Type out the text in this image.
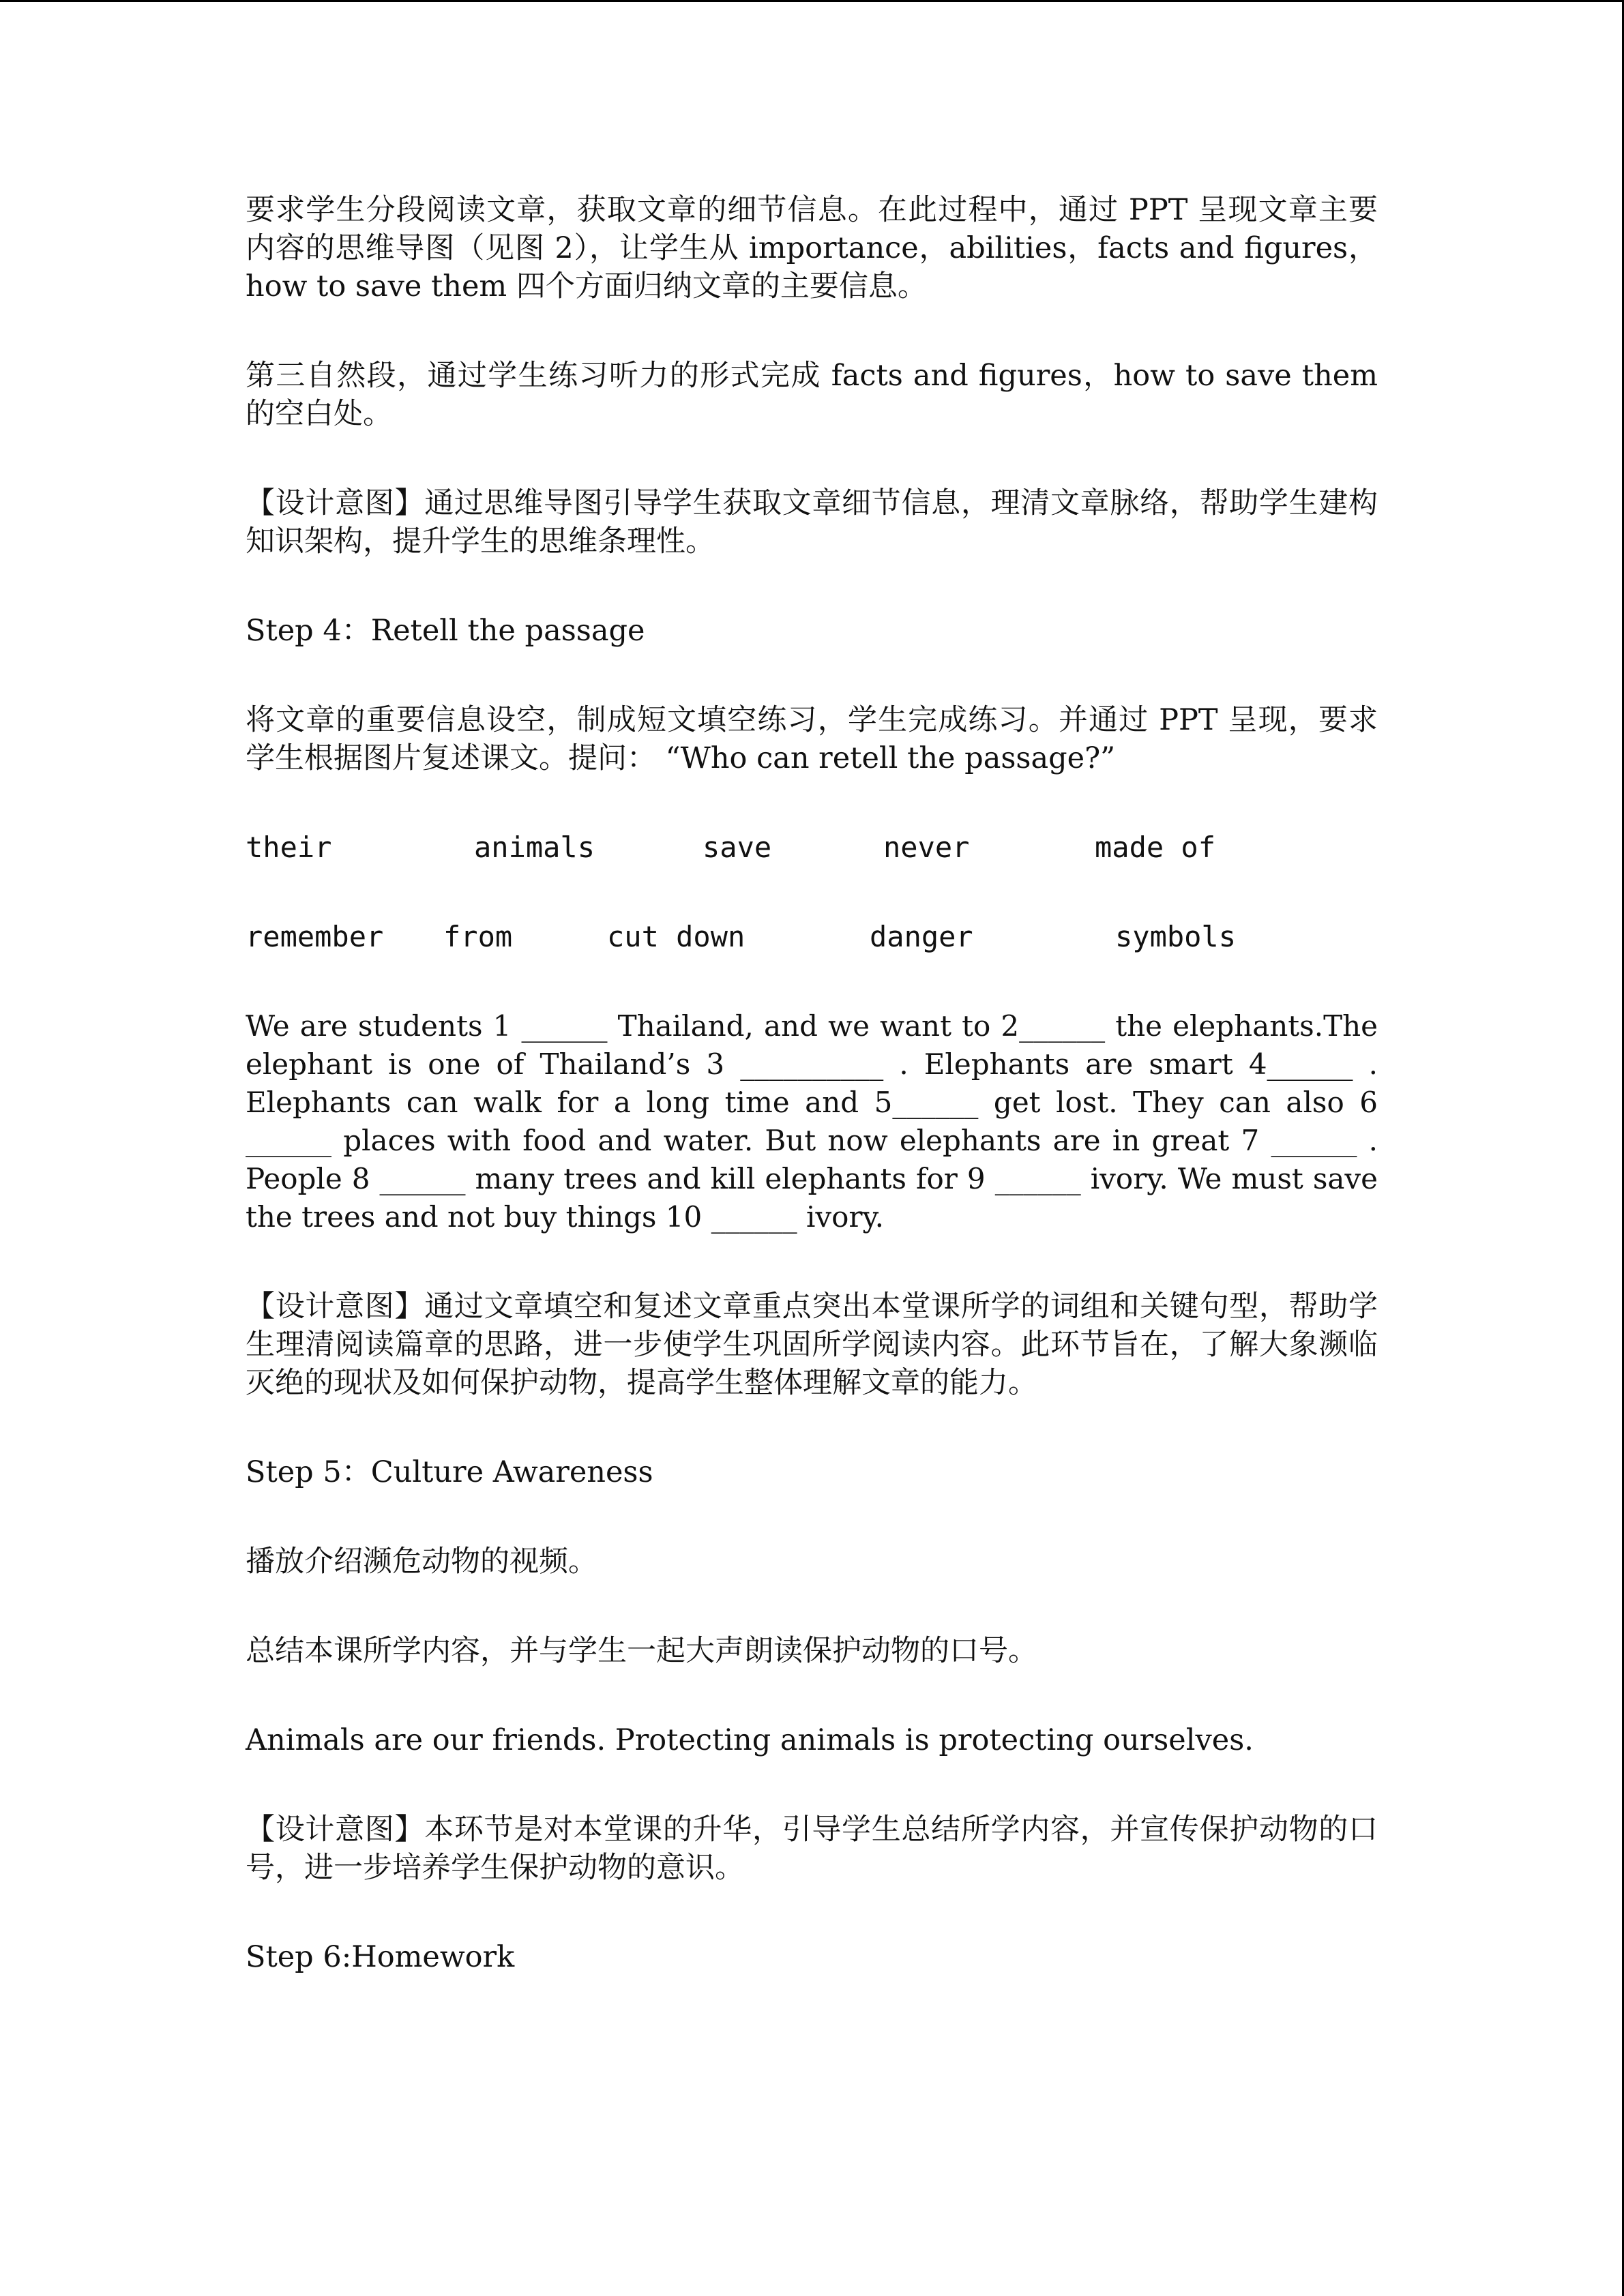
要求学生分段阅读文章，获取文章的细节信息。在此过程中，通过 PPT 呈现文章主要内容的思维导图（见图 2），让学生从 importance，abilities，facts and figures，how to save them 四个方面归纳文章的主要信息。

第三自然段，通过学生练习听力的形式完成 facts and figures，how to save them 的空白处。

【设计意图】通过思维导图引导学生获取文章细节信息，理清文章脉络，帮助学生建构知识架构，提升学生的思维条理性。

Step 4：Retell the passage

将文章的重要信息设空，制成短文填空练习，学生完成练习。并通过 PPT 呈现，要求学生根据图片复述课文。提问： “Who can retell the passage?”

their	animals	save	never	made of
remember	from	cut down	danger	symbols

We are students 1 ______ Thailand, and we want to 2______ the elephants.The elephant is one of Thailand’s 3 __________ . Elephants are smart 4______ . Elephants can walk for a long time and 5______ get lost. They can also 6 ______ places with food and water. But now elephants are in great 7 ______ . People 8 ______ many trees and kill elephants for 9 ______ ivory. We must save the trees and not buy things 10 ______ ivory.

【设计意图】通过文章填空和复述文章重点突出本堂课所学的词组和关键句型，帮助学生理清阅读篇章的思路，进一步使学生巩固所学阅读内容。此环节旨在，了解大象濒临灭绝的现状及如何保护动物，提高学生整体理解文章的能力。

Step 5：Culture Awareness

播放介绍濒危动物的视频。

总结本课所学内容，并与学生一起大声朗读保护动物的口号。

Animals are our friends. Protecting animals is protecting ourselves.

【设计意图】本环节是对本堂课的升华，引导学生总结所学内容，并宣传保护动物的口号，进一步培养学生保护动物的意识。

Step 6:Homework
